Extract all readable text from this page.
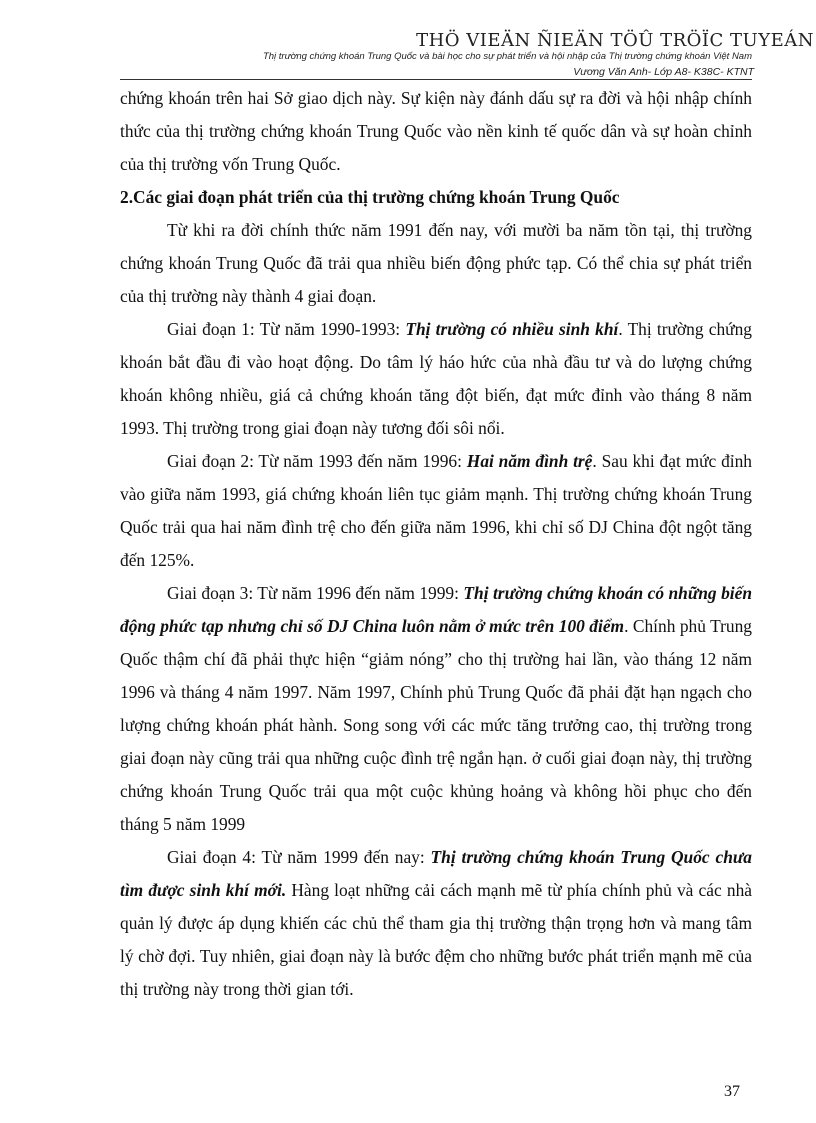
THÖ VIEÄN ÑIEÄN TÖÛ TRÖÏC TUYEÁN
Thị trường chứng khoán Trung Quốc và bài học cho sự phát triển và hội nhập của Thị trường chứng khoán Việt Nam
Vương Văn Anh- Lớp A8- K38C- KTNT

chứng khoán trên hai Sở giao dịch này. Sự kiện này đánh dấu sự ra đời và hội nhập chính thức của thị trường chứng khoán Trung Quốc vào nền kinh tế quốc dân và sự hoàn chỉnh của thị trường vốn Trung Quốc.

2.Các giai đoạn phát triển của thị trường chứng khoán Trung Quốc

Từ khi ra đời chính thức năm 1991 đến nay, với mười ba năm tồn tại, thị trường chứng khoán Trung Quốc đã trải qua nhiều biến động phức tạp. Có thể chia sự phát triển của thị trường này thành 4 giai đoạn.

Giai đoạn 1: Từ năm 1990-1993: Thị trường có nhiều sinh khí. Thị trường chứng khoán bắt đầu đi vào hoạt động. Do tâm lý háo hức của nhà đầu tư và do lượng chứng khoán không nhiều, giá cả chứng khoán tăng đột biến, đạt mức đỉnh vào tháng 8 năm 1993. Thị trường trong giai đoạn này tương đối sôi nổi.

Giai đoạn 2: Từ năm 1993 đến năm 1996: Hai năm đình trệ. Sau khi đạt mức đỉnh vào giữa năm 1993, giá chứng khoán liên tục giảm mạnh. Thị trường chứng khoán Trung Quốc trải qua hai năm đình trệ cho đến giữa năm 1996, khi chỉ số DJ China đột ngột tăng đến 125%.

Giai đoạn 3: Từ năm 1996 đến năm 1999: Thị trường chứng khoán có những biến động phức tạp nhưng chỉ số DJ China luôn nằm ở mức trên 100 điểm. Chính phủ Trung Quốc thậm chí đã phải thực hiện “giảm nóng” cho thị trường hai lần, vào tháng 12 năm 1996 và tháng 4 năm 1997. Năm 1997, Chính phủ Trung Quốc đã phải đặt hạn ngạch cho lượng chứng khoán phát hành. Song song với các mức tăng trưởng cao, thị trường trong giai đoạn này cũng trải qua những cuộc đình trệ ngắn hạn. ở cuối giai đoạn này, thị trường chứng khoán Trung Quốc trải qua một cuộc khủng hoảng và không hồi phục cho đến tháng 5 năm 1999

Giai đoạn 4: Từ năm 1999 đến nay: Thị trường chứng khoán Trung Quốc chưa tìm được sinh khí mới. Hàng loạt những cải cách mạnh mẽ từ phía chính phủ và các nhà quản lý được áp dụng khiến các chủ thể tham gia thị trường thận trọng hơn và mang tâm lý chờ đợi. Tuy nhiên, giai đoạn này là bước đệm cho những bước phát triển mạnh mẽ của thị trường này trong thời gian tới.

37
